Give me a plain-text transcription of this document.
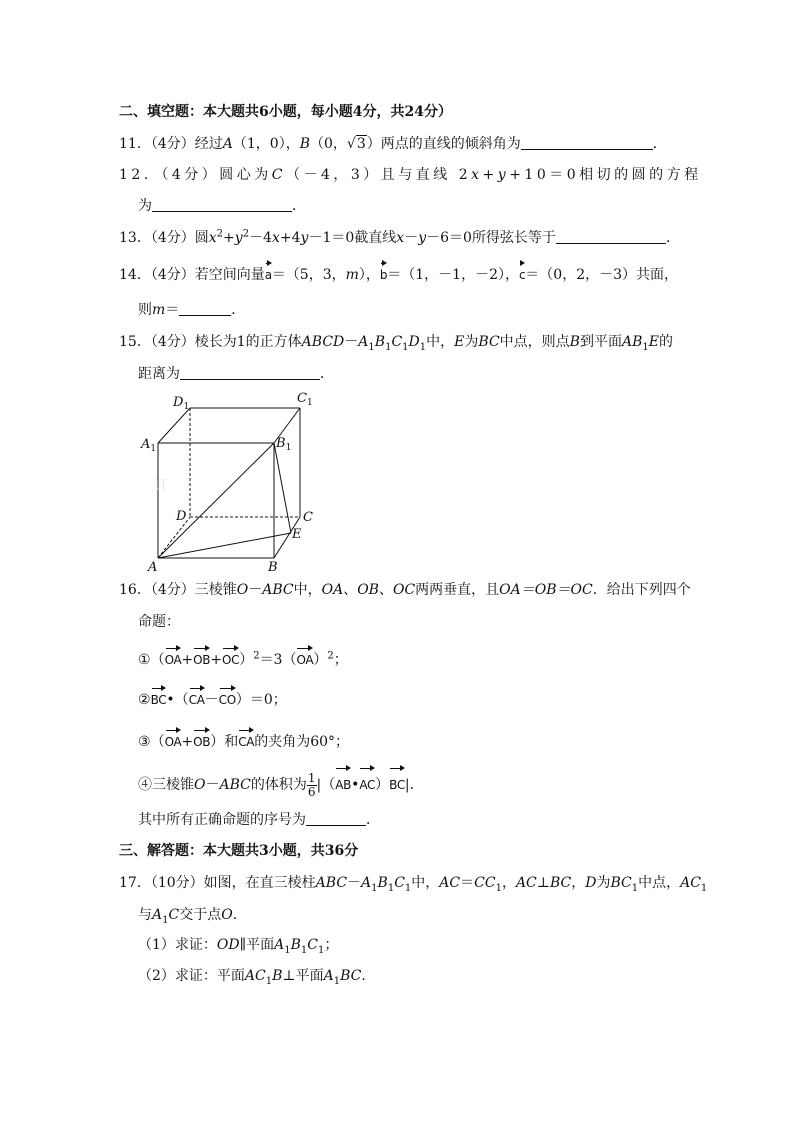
二、填空题：本大题共6小题，每小题4分，共24分）
11．（4分）经过A（1，0），B（0，√3）两点的直线的倾斜角为	．
12．（4分）圆心为C（－4，3）且与直线 2x+y+10＝0相切的圆的方程
为	．
13．（4分）圆$x^2+y^2-4x+4y-1=0$截直线x－y－6＝0所得弦长等于	．
14．（4分）若空间向量a＝（5，3，m），b＝（1，－1，－2），c＝（0，2，－3）共面，
则m＝	．
15．（4分）棱长为1的正方体$ABCD-A_1B_1C_1D_1$中，E为BC中点，则点B到平面$AB_1E$的
距离为	．
订
$D_1$
$C_1$
$A_1$	$B_1$
D	C
E
A	B
16．（4分）三棱锥O－ABC中，OA、OB、OC两两垂直，且OA＝OB＝OC．给出下列四个
命题：
$①(OA+OB+OC)^2=3(OA)^2$；
②BC•（CA－CO）＝0；
③（OA+OB）和CA的夹角为60°；
④三棱锥O－ABC的体积为 $\frac{1}{6}$ |（AB•AC）BC|．
其中所有正确命题的序号为	．
三、解答题：本大题共3小题，共36分
17．（10分）如图，在直三棱柱$ABC-A_1B_1C_1$中，$AC=CC_1$，AC⊥BC，D为$BC_1$中点，$AC_1$
与$A_1C$交于点O．
（1）求证：OD∥平面$A_1B_1C_1$；
（2）求证：平面$AC_1B\perp$平面$A_1BC$．
